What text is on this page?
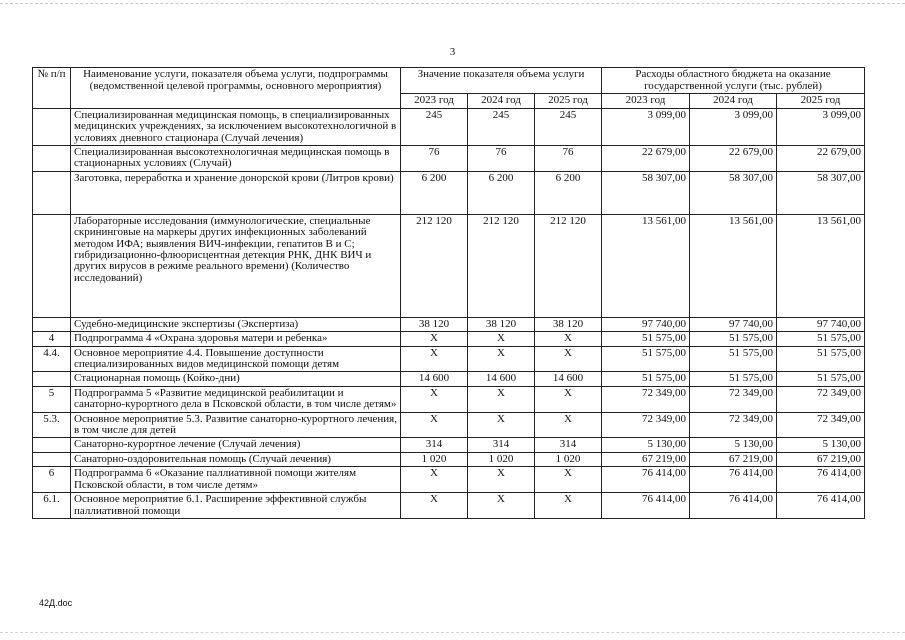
3
№ п/п	Наименование услуги, показателя объема услуги, подпрограммы (ведомственной целевой программы, основного мероприятия)	Значение показателя объема услуги			Расходы областного бюджета на оказание государственной услуги (тыс. рублей)		
		2023 год	2024 год	2025 год	2023 год	2024 год	2025 год
	Специализированная медицинская помощь, в специализированных медицинских учреждениях, за исключением высокотехнологичной в условиях дневного стационара (Случай лечения)	245	245	245	3 099,00	3 099,00	3 099,00
	Специализированная высокотехнологичная медицинская помощь в стационарных условиях (Случай)	76	76	76	22 679,00	22 679,00	22 679,00
	Заготовка, переработка и хранение донорской крови (Литров крови)	6 200	6 200	6 200	58 307,00	58 307,00	58 307,00
	Лабораторные исследования (иммунологические, специальные скрининговые на маркеры других инфекционных заболеваний методом ИФА; выявления ВИЧ-инфекции, гепатитов В и С; гибридизационно-флюорисцентная детекция РНК, ДНК ВИЧ и других вирусов в режиме реального времени) (Количество исследований)	212 120	212 120	212 120	13 561,00	13 561,00	13 561,00
	Судебно-медицинские экспертизы (Экспертиза)	38 120	38 120	38 120	97 740,00	97 740,00	97 740,00
4	Подпрограмма 4 «Охрана здоровья матери и ребенка»	Х	Х	Х	51 575,00	51 575,00	51 575,00
4.4.	Основное мероприятие 4.4. Повышение доступности специализированных видов медицинской помощи детям	Х	Х	Х	51 575,00	51 575,00	51 575,00
	Стационарная помощь (Койко-дни)	14 600	14 600	14 600	51 575,00	51 575,00	51 575,00
5	Подпрограмма 5 «Развитие медицинской реабилитации и санаторно-курортного дела в Псковской области, в том числе детям»	Х	Х	Х	72 349,00	72 349,00	72 349,00
5.3.	Основное мероприятие 5.3. Развитие санаторно-курортного лечения, в том числе для детей	Х	Х	Х	72 349,00	72 349,00	72 349,00
	Санаторно-курортное лечение (Случай лечения)	314	314	314	5 130,00	5 130,00	5 130,00
	Санаторно-оздоровительная помощь (Случай лечения)	1 020	1 020	1 020	67 219,00	67 219,00	67 219,00
6	Подпрограмма 6 «Оказание паллиативной помощи жителям Псковской области, в том числе детям»	Х	Х	Х	76 414,00	76 414,00	76 414,00
6.1.	Основное мероприятие 6.1. Расширение эффективной службы паллиативной помощи	Х	Х	Х	76 414,00	76 414,00	76 414,00
42Д.doc
